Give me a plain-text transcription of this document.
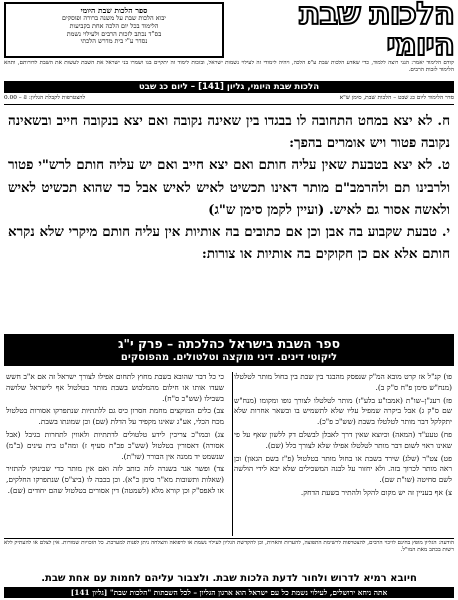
הלכות שבת היומי
ספר הלכות שבת היומי
יבוא הלכות שבת על משנה ברורה ופוסקים
הלימוד בכל יום הלכה אחת בקביעות
בס"ד נכתב לזכות הרבים ולעילוי נשמת
נסדר ע"י בית מדרש הלכתי
קודם הלימוד יאמר: הנני רוצה ללמוד, כדי שאדע הלכות שבת ע"פ הלכה, ויהיה לימודי זה לעילוי נשמות ישראל, ובזכות לימוד זה יתקיים בנו ושמרו בני ישראל את השבת לעשות את השבת לדורותם, ותהא הלימוד לזכות הרבים.
הלכות שבת היומי, גליון [141] – ליום כג שבט
סדר הלימוד ליום כג שבט – הלכות שבת, סימן ש"א
להצטרפות לקבלת הגליון: ₪ – 0.00

ח. לא יצא במחט התחובה לו בבגדו בין שאינה נקובה ואם יצא בנקובה חייב ובשאינה נקובה פטור ויש אומרים בהפך:

ט. לא יצא בטבעת שאין עליה חותם ואם יצא חייב ואם יש עליה חותם לרש"י פטור ולרבינו תם ולהרמב"ם מותר דאינו תכשיט לאיש לאיש אבל כד שהוא תכשיט לאיש ולאשה אסור גם לאיש. (ועיין לקמן סימן ש"ג)

י. טבעת שקבוע בה אבן וכן אם כתובים בה אותיות אין עליה חותם מיקרי שלא נקרא חותם אלא אם כן חקוקים בה אותיות או צורות:

ספר השבת בישראל כהלכתה – פרק י"ג
ליקוטי דינים. דיני מוקצה וטלטולים. מהפוסקים

פו) קנ"ל אז קרט מובא המ"ק שנפסק מהבגד בין שבת בין בחול מותר לטלטלו (מנח"ש סימן פ"ח ס"ק ב).

פז) רעג"ן–שו"ת (אמבו"ע בלע"ז) מותר לטלטלו לצורך גופו ומקומו (מנח"ש שם ס"ק ג) אבל ביקרה שמפיל עליו שלא לתשמיש בו ובשאר אחרות שלא יתקלקל דבר מותר לטלטלו בשבת (שש"כ פ"כ).

פח) טעע"ד (המאה) וכיוצא שאין דרך לאבלן לבשלם דק ללשון שאף על פי שאינו ראוי לשום דבר מותר לטלטלו אפילו שלא לצורך כלל (שם).

פט) צט"ר (שלג) שירד בשבת או בחול מותר בטלטול (פ"ז בשם הגאון) וכן ראה מותר לכרוך בזה. ולא יחזור על לבנה המשכילים שלא יבא לידי הולשה לשם סחיטה (שו"ת שם).

צ) אף בעניין זה יש מקום להקל ולהתיר בשעת הדחק.

כי כל דבר שהובא בשבת מחוץ לתחום אפילו לצורך ישראל זה אם א"ב חשש שעדו אותו או חילום מהמלבוש בשבת מותר בטלטול אף לישראל שלושה בשבילו (שש"כ ס"ח).

צב) כלים המוקצים מחמת חסרון כיס גם ללתתיות שנתפרקו אסורות בטלטול מכח הכלי, אע"ג שאינו מקפיד על הדלת (שם) וכן שמונתו בשבת.

צג) ובמו"כ צריכין לידע טלטולים לדתתיות ולאווין לתחרות בגיבל (אבל אסורה) דאסורין בטלטול (שש"כ פכ"ח סעיף ז) ומה"ט בית עינים (ב"מ) שנשמט יד ממנה אין הבורר (שו"ת).

צד) ופשר אגר בשנרה לזה כותב לזה ואם אין מותר כדי שבינוקי להתזיר (שאלות ותשובות מא"ר סימן כ"א). וכן בכבה לו (ביצ"ס) שנתפרקו החלקים, או לאפס"ק וכן קורא מלא (לשמטה) דין אסורים בטלטול שהם יחודים (שם).

הודעה: הגליון מופץ בחינם לזיכוי הרבים, להצטרפות לרשימת התפוצה, להערות והארות, וכן להקדשת הגליון לעילוי נשמת או לרפואה והצלחה ניתן לפנות למערכת. כל הזכויות שמורות. אין לצלם או להעתיק ללא רשות בכתב מאת המו"ל.
חיובא רמיא לדרוש ולחור לדעת הלכות שבת. ולצבור עליהם לחמות עם אחת שבת.
אתה ניחא ירושלים, לעילוי נשמת כל עם ישראל הוא ארגון הגליון – לכל השבתות "הלכות שבת" [גליון 141]
